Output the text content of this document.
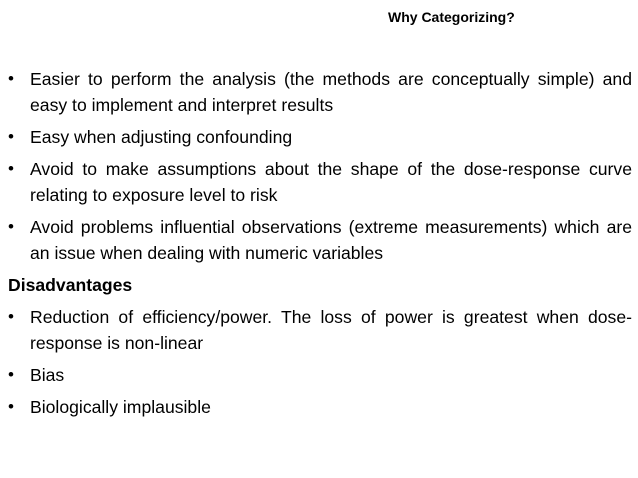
Why Categorizing?
• Easier to perform the analysis (the methods are conceptually simple) and easy to implement and interpret results
• Easy when adjusting confounding
• Avoid to make assumptions about the shape of the dose-response curve relating to exposure level to risk
• Avoid problems influential observations (extreme measurements) which are an issue when dealing with numeric variables
Disadvantages
• Reduction of efficiency/power. The loss of power is greatest when dose-response is non-linear
• Bias
• Biologically implausible
